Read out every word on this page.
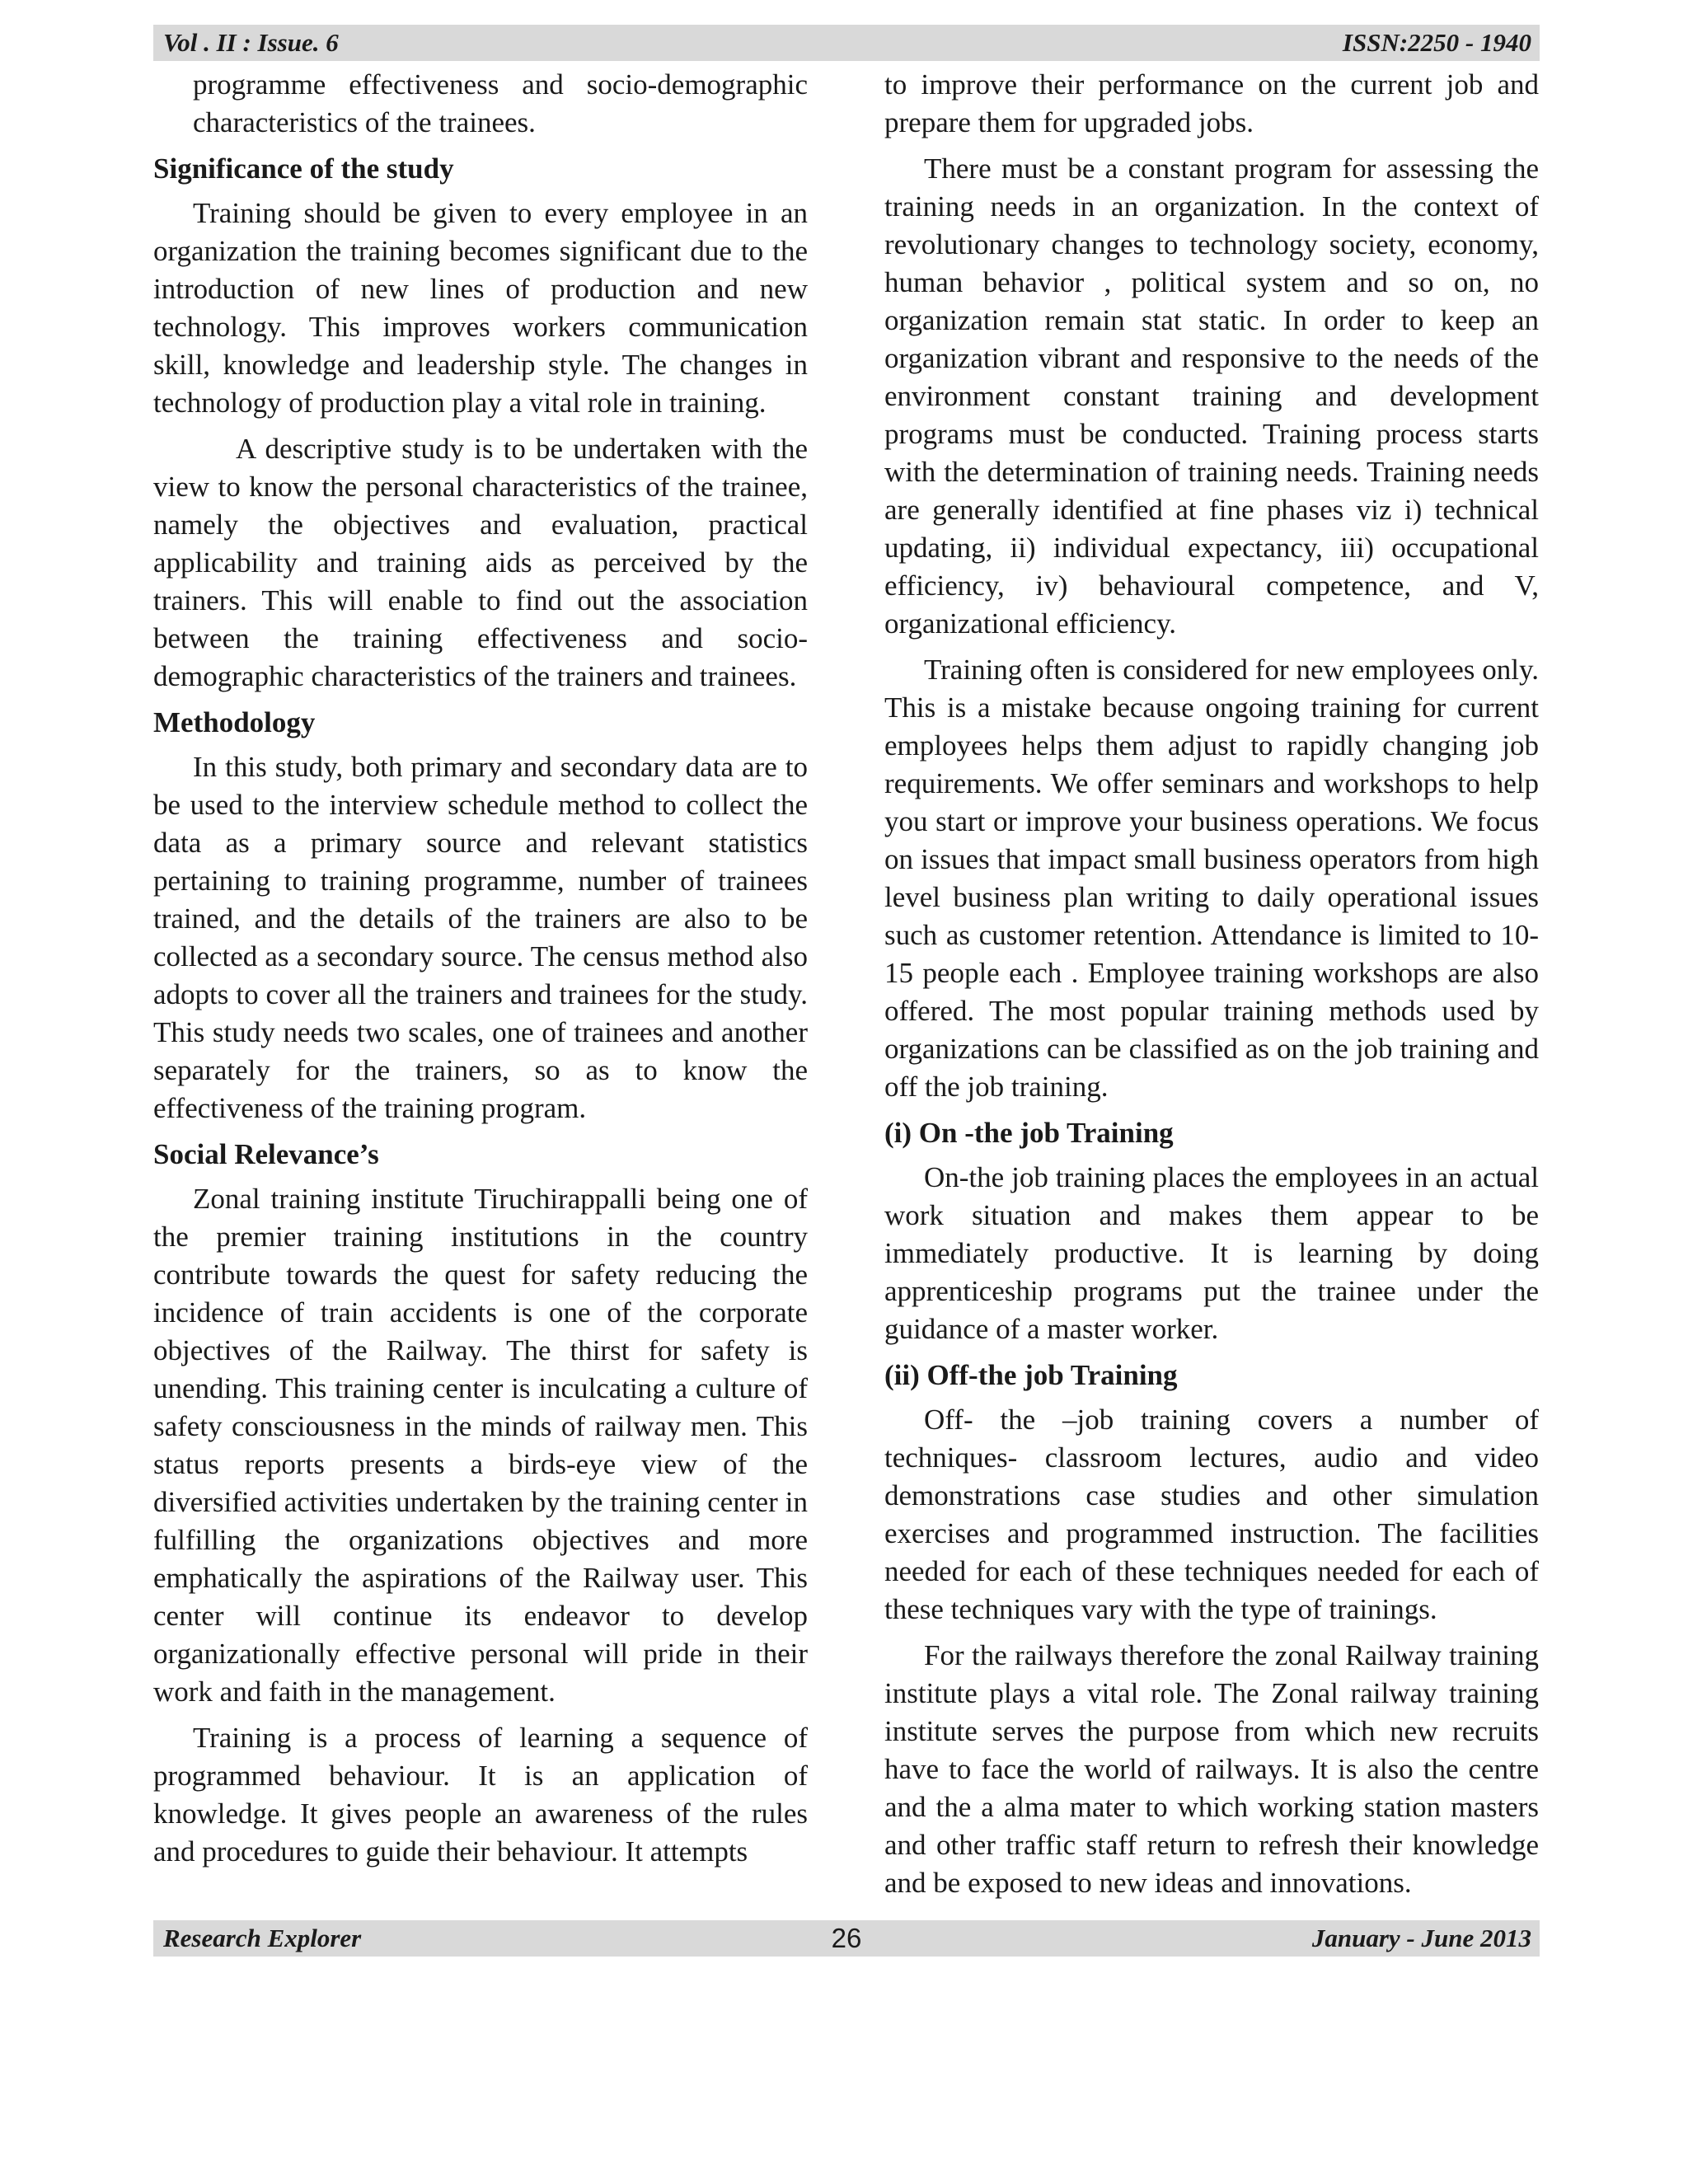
Vol . II : Issue. 6	ISSN:2250 - 1940

programme effectiveness and socio-demographic characteristics of the trainees.

Significance of the study

Training should be given to every employee in an organization the training becomes significant due to the introduction of new lines of production and new technology. This improves workers communication skill, knowledge and leadership style. The changes in technology of production play a vital role in training.

A descriptive study is to be undertaken with the view to know the personal characteristics of the trainee, namely the objectives and evaluation, practical applicability and training aids as perceived by the trainers. This will enable to find out the association between the training effectiveness and socio-demographic characteristics of the trainers and trainees.

Methodology

In this study, both primary and secondary data are to be used to the interview schedule method to collect the data as a primary source and relevant statistics pertaining to training programme, number of trainees trained, and the details of the trainers are also to be collected as a secondary source. The census method also adopts to cover all the trainers and trainees for the study. This study needs two scales, one of trainees and another separately for the trainers, so as to know the effectiveness of the training program.

Social Relevance’s

Zonal training institute Tiruchirappalli being one of the premier training institutions in the country contribute towards the quest for safety reducing the incidence of train accidents is one of the corporate objectives of the Railway. The thirst for safety is unending. This training center is inculcating a culture of safety consciousness in the minds of railway men. This status reports presents a birds-eye view of the diversified activities undertaken by the training center in fulfilling the organizations objectives and more emphatically the aspirations of the Railway user. This center will continue its endeavor to develop organizationally effective personal will pride in their work and faith in the management.

Training is a process of learning a sequence of programmed behaviour. It is an application of knowledge. It gives people an awareness of the rules and procedures to guide their behaviour. It attempts

to improve their performance on the current job and prepare them for upgraded jobs.

There must be a constant program for assessing the training needs in an organization. In the context of revolutionary changes to technology society, economy, human behavior , political system and so on, no organization remain stat static. In order to keep an organization vibrant and responsive to the needs of the environment constant training and development programs must be conducted. Training process starts with the determination of training needs. Training needs are generally identified at fine phases viz i) technical updating, ii) individual expectancy, iii) occupational efficiency, iv) behavioural competence, and V, organizational efficiency.

Training often is considered for new employees only. This is a mistake because ongoing training for current employees helps them adjust to rapidly changing job requirements. We offer seminars and workshops to help you start or improve your business operations. We focus on issues that impact small business operators from high level business plan writing to daily operational issues such as customer retention. Attendance is limited to 10-15 people each . Employee training workshops are also offered. The most popular training methods used by organizations can be classified as on the job training and off the job training.

(i) On -the job Training

On-the job training places the employees in an actual work situation and makes them appear to be immediately productive. It is learning by doing apprenticeship programs put the trainee under the guidance of a master worker.

(ii) Off-the job Training

Off- the –job training covers a number of techniques- classroom lectures, audio and video demonstrations case studies and other simulation exercises and programmed instruction. The facilities needed for each of these techniques needed for each of these techniques vary with the type of trainings.

For the railways therefore the zonal Railway training institute plays a vital role. The Zonal railway training institute serves the purpose from which new recruits have to face the world of railways. It is also the centre and the a alma mater to which working station masters and other traffic staff return to refresh their knowledge and be exposed to new ideas and innovations.

Research Explorer	26	January - June 2013
